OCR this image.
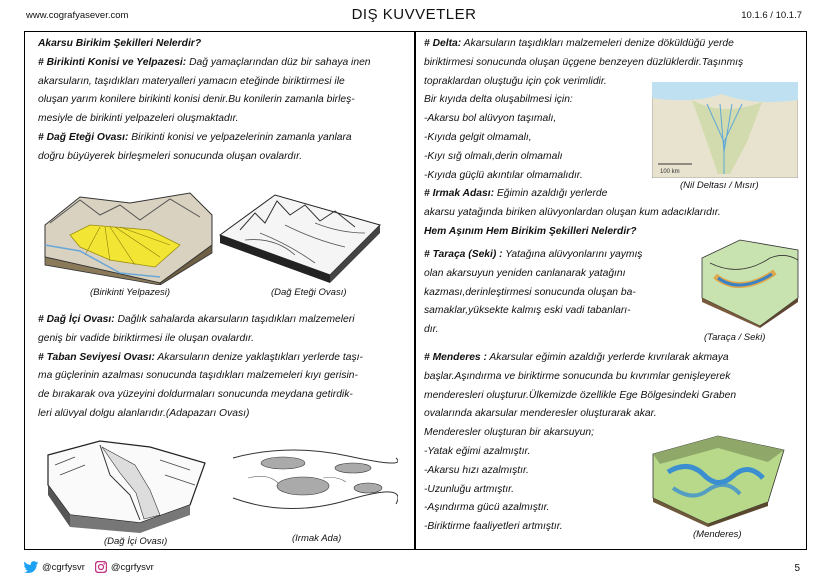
www.cografyasever.com	DIŞ KUVVETLER	10.1.6 / 10.1.7

Akarsu Birikim Şekilleri Nelerdir?

# Birikinti Konisi ve Yelpazesi: Dağ yamaçlarından düz bir sahaya inen

akarsuların, taşıdıkları materyalleri yamacın eteğinde biriktirmesi ile

oluşan yarım konilere birikinti konisi denir.Bu konilerin zamanla birleş-

mesiyle de birikinti yelpazeleri oluşmaktadır.

# Dağ Eteği Ovası: Birikinti konisi ve yelpazelerinin zamanla yanlara

doğru büyüyerek birleşmeleri sonucunda oluşan ovalardır.

(Birikinti Yelpazesi)	(Dağ Eteği Ovası)

# Dağ İçi Ovası: Dağlık sahalarda akarsuların taşıdıkları malzemeleri

geniş bir vadide biriktirmesi ile oluşan ovalardır.

# Taban Seviyesi Ovası: Akarsuların denize yaklaştıkları yerlerde taşı-

ma güçlerinin azalması sonucunda taşıdıkları malzemeleri kıyı gerisin-

de bırakarak ova yüzeyini doldurmaları sonucunda meydana getirdik-

leri alüvyal dolgu alanlarıdır.(Adapazarı Ovası)

(Dağ İçi Ovası)	(Irmak Ada)

# Delta: Akarsuların taşıdıkları malzemeleri denize döküldüğü yerde

biriktirmesi sonucunda oluşan üçgene benzeyen düzlüklerdir.Taşınmış

topraklardan oluştuğu için çok verimlidir.

Bir kıyıda delta oluşabilmesi için:

-Akarsu bol alüvyon taşımalı,

-Kıyıda gelgit olmamalı,

-Kıyı sığ olmalı,derin olmamalı

-Kıyıda güçlü akıntılar olmamalıdır.

# Irmak Adası: Eğimin azaldığı yerlerde

akarsu yatağında biriken alüvyonlardan oluşan kum adacıklarıdır.

Hem Aşınım Hem Birikim Şekilleri Nelerdir?

100 km
(Nil Deltası / Mısır)

# Taraça (Seki) : Yatağına alüvyonlarını yaymış

olan akarsuyun yeniden canlanarak yatağını

kazması,derinleştirmesi sonucunda oluşan ba-

samaklar,yüksekte kalmış eski vadi tabanları-

dır.

(Taraça / Seki)

# Menderes : Akarsular eğimin azaldığı yerlerde kıvrılarak akmaya

başlar.Aşındırma ve biriktirme sonucunda bu kıvrımlar genişleyerek

menderesleri oluşturur.Ülkemizde özellikle Ege Bölgesindeki Graben

ovalarında akarsular menderesler oluşturarak akar.

Menderesler oluşturan bir akarsuyun;

-Yatak eğimi azalmıştır.

-Akarsu hızı azalmıştır.

-Uzunluğu artmıştır.

-Aşındırma gücü azalmıştır.

-Biriktirme faaliyetleri artmıştır.

(Menderes)
@cgrfysvr	@cgrfysvr	5
